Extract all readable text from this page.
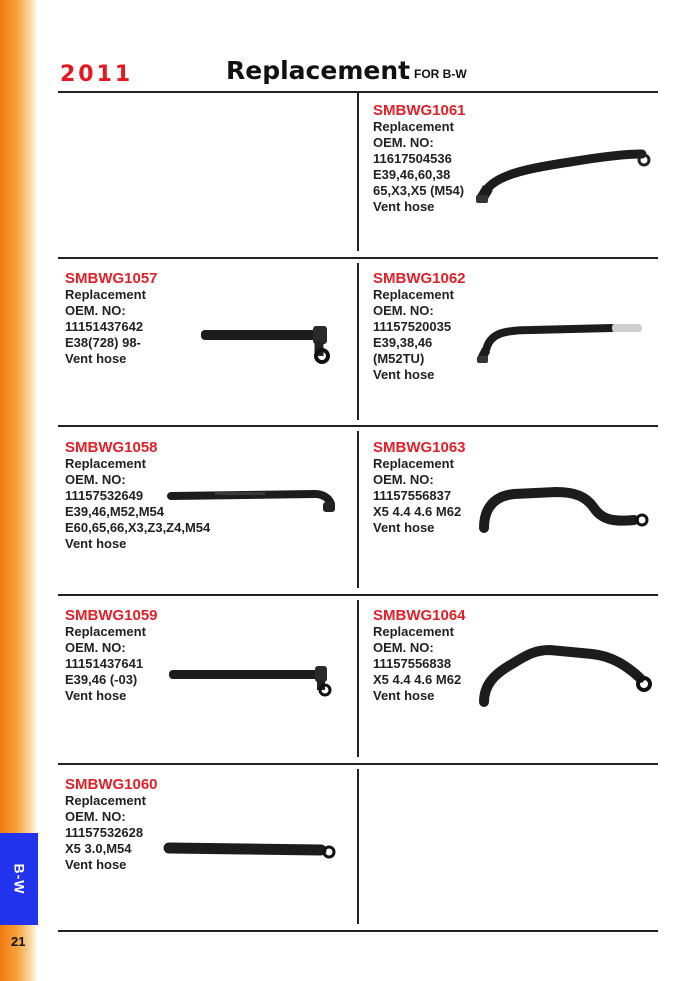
B-W
21
2011	Replacement FOR B-W

SMBWG1061

Replacement

OEM. NO:

11617504536

E39,46,60,38

65,X3,X5 (M54)

Vent hose

SMBWG1057

Replacement

OEM. NO:

11151437642

E38(728) 98-

Vent hose

SMBWG1062

Replacement

OEM. NO:

11157520035

E39,38,46

(M52TU)

Vent hose

SMBWG1058

Replacement

OEM. NO:

11157532649

E39,46,M52,M54

E60,65,66,X3,Z3,Z4,M54

Vent hose

SMBWG1063

Replacement

OEM. NO:

11157556837

X5 4.4 4.6 M62

Vent hose

SMBWG1059

Replacement

OEM. NO:

11151437641

E39,46 (-03)

Vent hose

SMBWG1064

Replacement

OEM. NO:

11157556838

X5 4.4 4.6 M62

Vent hose

SMBWG1060

Replacement

OEM. NO:

11157532628

X5 3.0,M54

Vent hose
